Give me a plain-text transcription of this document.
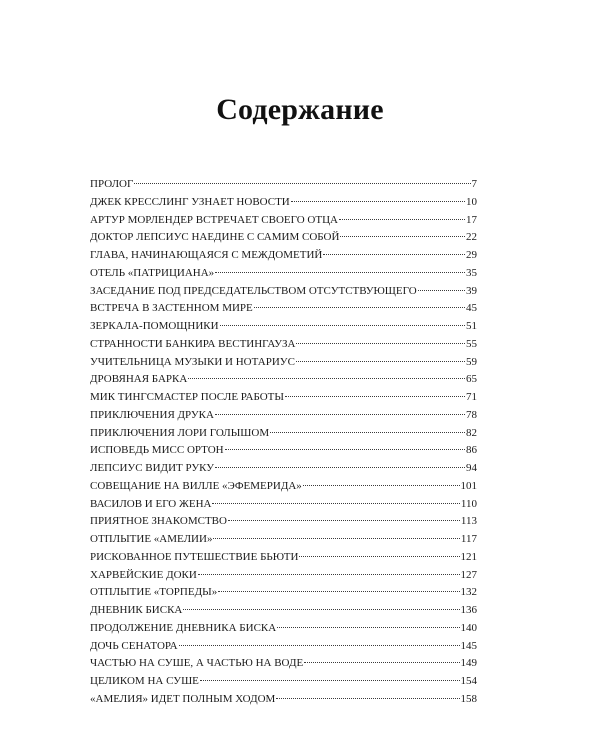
Содержание
ПРОЛОГ	7
ДЖЕК КРЕССЛИНГ УЗНАЕТ НОВОСТИ	10
АРТУР МОРЛЕНДЕР ВСТРЕЧАЕТ СВОЕГО ОТЦА	17
ДОКТОР ЛЕПСИУС НАЕДИНЕ С САМИМ СОБОЙ	22
ГЛАВА, НАЧИНАЮЩАЯСЯ С МЕЖДОМЕТИЙ	29
ОТЕЛЬ «ПАТРИЦИАНА»	35
ЗАСЕДАНИЕ ПОД ПРЕДСЕДАТЕЛЬСТВОМ ОТСУТСТВУЮЩЕГО	39
ВСТРЕЧА В ЗАСТЕННОМ МИРЕ	45
ЗЕРКАЛА-ПОМОЩНИКИ	51
СТРАННОСТИ БАНКИРА ВЕСТИНГАУЗА	55
УЧИТЕЛЬНИЦА МУЗЫКИ И НОТАРИУС	59
ДРОВЯНАЯ БАРКА	65
МИК ТИНГСМАСТЕР ПОСЛЕ РАБОТЫ	71
ПРИКЛЮЧЕНИЯ ДРУКА	78
ПРИКЛЮЧЕНИЯ ЛОРИ ГОЛЫШОМ	82
ИСПОВЕДЬ МИСС ОРТОН	86
ЛЕПСИУС ВИДИТ РУКУ	94
СОВЕЩАНИЕ НА ВИЛЛЕ «ЭФЕМЕРИДА»	101
ВАСИЛОВ И ЕГО ЖЕНА	110
ПРИЯТНОЕ ЗНАКОМСТВО	113
ОТПЛЫТИЕ «АМЕЛИИ»	117
РИСКОВАННОЕ ПУТЕШЕСТВИЕ БЬЮТИ	121
ХАРВЕЙСКИЕ ДОКИ	127
ОТПЛЫТИЕ «ТОРПЕДЫ»	132
ДНЕВНИК БИСКА	136
ПРОДОЛЖЕНИЕ ДНЕВНИКА БИСКА	140
ДОЧЬ СЕНАТОРА	145
ЧАСТЬЮ НА СУШЕ, А ЧАСТЬЮ НА ВОДЕ	149
ЦЕЛИКОМ НА СУШЕ	154
«АМЕЛИЯ» ИДЕТ ПОЛНЫМ ХОДОМ	158
